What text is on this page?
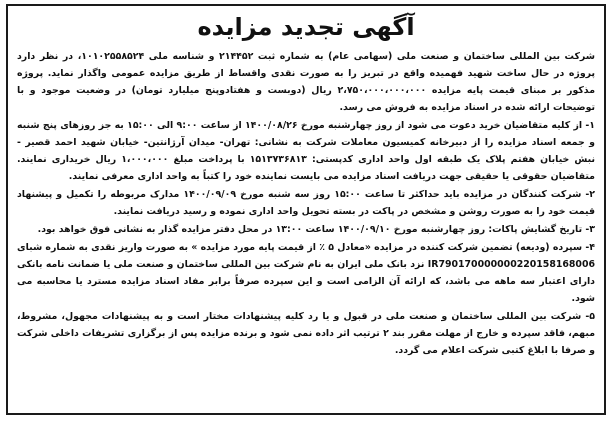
آگهی تجدید مزایده

شرکت بین المللی ساختمان و صنعت ملی (سهامی عام) به شماره ثبت ۲۱۴۴۵۲ و شناسه ملی ۱۰۱۰۲۵۵۸۵۲۴، در نظر دارد پروژه در حال ساخت شهید فهمیده واقع در تبریز را به صورت نقدی واقساط از طریق مزایده عمومی واگذار نماید. پروژه مذکور بر مبنای قیمت پایه مزایده ۲،۷۵۰،۰۰۰،۰۰۰،۰۰۰ ریال (دوبست و هفتادوپنج میلیارد تومان) در وضعیت موجود و با توضیحات ارائه شده در اسناد مزایده به فروش می رسد.

۱- از کلیه متقاضیان خرید دعوت می شود از روز چهارشنبه مورخ ۱۴۰۰/۰۸/۲۶ از ساعت ۹:۰۰ الی ۱۵:۰۰ به جز روزهای پنج شنبه و جمعه اسناد مزایده را از دبیرخانه کمیسیون معاملات شرکت به نشانی: تهران- میدان آرژانتین- خیابان شهید احمد قصیر - نبش خیابان هفتم پلاک یک طبقه اول واحد اداری کدپستی: ۱۵۱۳۷۳۶۸۱۳ با پرداخت مبلغ ۱،۰۰۰،۰۰۰ ریال خریداری نمایند. متقاضیان حقوقی یا حقیقی جهت دریافت اسناد مزایده می بایست نماینده خود را کتباً به واحد اداری معرفی نمایند.

۲- شرکت کنندگان در مزایده باید حداکثر تا ساعت ۱۵:۰۰ روز سه شنبه مورخ ۱۴۰۰/۰۹/۰۹ مدارک مربوطه را تکمیل و پیشنهاد قیمت خود را به صورت روشن و مشخص در پاکت در بسته تحویل واحد اداری نموده و رسید دریافت نمایند.

۳- تاریخ گشایش پاکات: روز چهارشنبه مورخ ۱۴۰۰/۰۹/۱۰ ساعت ۱۳:۰۰ در محل دفتر مزایده گذار به نشانی فوق خواهد بود.

۴- سپرده (ودیعه) تضمین شرکت کننده در مزایده «معادل ۵ ٪ از قیمت پایه مورد مزایده » به صورت واریز نقدی به شماره شبای IR790170000000220158168006 نزد بانک ملی ایران به نام شرکت بین المللی ساختمان و صنعت ملی یا ضمانت نامه بانکی دارای اعتبار سه ماهه می باشد، که ارائه آن الزامی است و این سپرده صرفاً برابر مفاد اسناد مزایده مسترد یا محاسبه می شود.

۵- شرکت بین المللی ساختمان و صنعت ملی در قبول و یا رد کلیه پیشنهادات مختار است و به پیشنهادات مجهول، مشروط، مبهم، فاقد سپرده و خارج از مهلت مقرر بند ۲ ترتیب اثر داده نمی شود و برنده مزایده پس از برگزاری تشریفات داخلی شرکت و صرفا با ابلاغ کتبی شرکت اعلام می گردد.
